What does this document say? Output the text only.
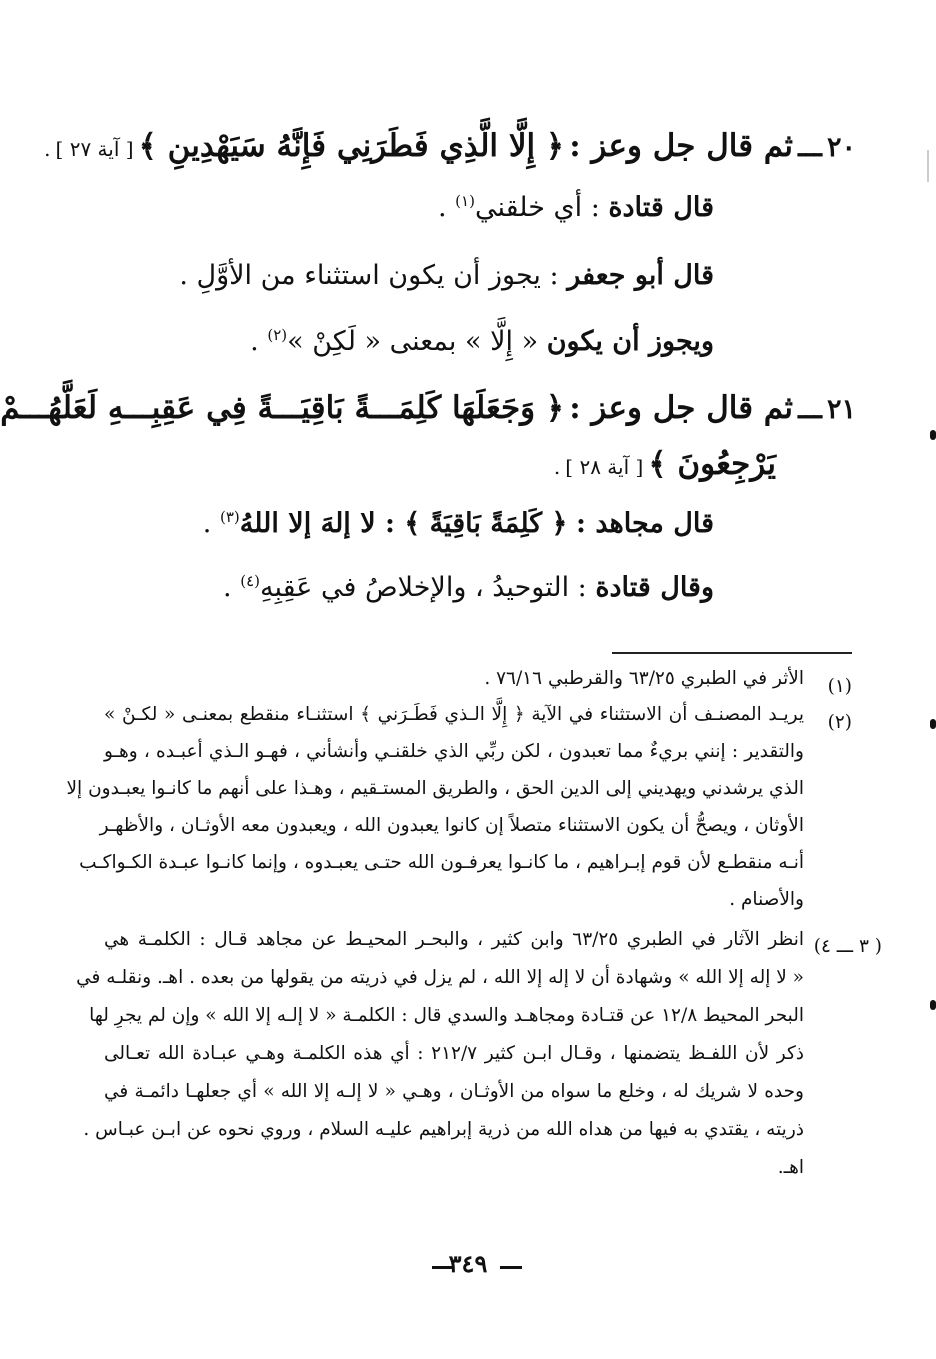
٢٠ ـــ ثم قال جل وعز : ﴿ إِلَّا الَّذِي فَطَرَنِي فَإِنَّهُ سَيَهْدِينِ ﴾ [ آية ٢٧ ] .
قال قتادة : أي خلقني$^{(١)}$ .
قال أبو جعفر : يجوز أن يكون استثناء من الأوَّلِ .
ويجوز أن يكون « إِلَّا » بمعنى « لَكِنْ »$^{(٢)}$ .
٢١ ـــ ثم قال جل وعز : ﴿ وَجَعَلَهَا كَلِمَـــةً بَاقِيَـــةً فِي عَقِبِـــهِ لَعَلَّهُـــمْ
يَرْجِعُونَ ﴾ [ آية ٢٨ ] .
قال مجاهد : ﴿ كَلِمَةً بَاقِيَةً ﴾ : لا إلهَ إلا اللهُ$^{(٣)}$ .
وقال قتادة : التوحيدُ ، والإخلاصُ في عَقِبِهِ$^{(٤)}$ .
(١)
الأثر في الطبري ٦٣/٢٥ والقرطبي ٧٦/١٦ .
(٢)
يريـد المصنـف أن الاستثناء في الآية ﴿ إِلَّا الـذي فَطَـرَني ﴾ استثنـاء منقطع بمعنـى « لكـنْ »
والتقدير : إنني بريءٌ مما تعبدون ، لكن ربِّي الذي خلقنـي وأنشأني ، فهـو الـذي أعبـده ، وهـو
الذي يرشدني ويهديني إلى الدين الحق ، والطريق المستـقيم ، وهـذا على أنهم ما كانـوا يعبـدون إلا
الأوثان ، ويصحُّ أن يكون الاستثناء متصلاً إن كانوا يعبدون الله ، ويعبدون معه الأوثـان ، والأظهـر
أنـه منقطـع لأن قوم إبـراهيم ، ما كانـوا يعرفـون الله حتـى يعبـدوه ، وإنما كانـوا عبـدة الكـواكـب
والأصنام .
( ٣ ـــ ٤)
انظر الآثار في الطبري ٦٣/٢٥ وابن كثير ، والبحـر المحيـط عن مجاهد قـال : الكلمـة هي
« لا إله إلا الله » وشهادة أن لا إله إلا الله ، لم يزل في ذريته من يقولها من بعده . اهـ. ونقلـه في
البحر المحيط ١٢/٨ عن قتـادة ومجاهـد والسدي قال : الكلمـة « لا إلـه إلا الله » وإن لم يجرِ لها
ذكر لأن اللفـظ يتضمنها ، وقـال ابـن كثير ٢١٢/٧ : أي هذه الكلمـة وهـي عبـادة الله تعـالى
وحده لا شريك له ، وخلع ما سواه من الأوثـان ، وهـي « لا إلـه إلا الله » أي جعلهـا دائمـة في
ذريته ، يقتدي به فيها من هداه الله من ذرية إبراهيم عليـه السلام ، وروي نحوه عن ابـن عبـاس .
اهـ.
٣٤٩
